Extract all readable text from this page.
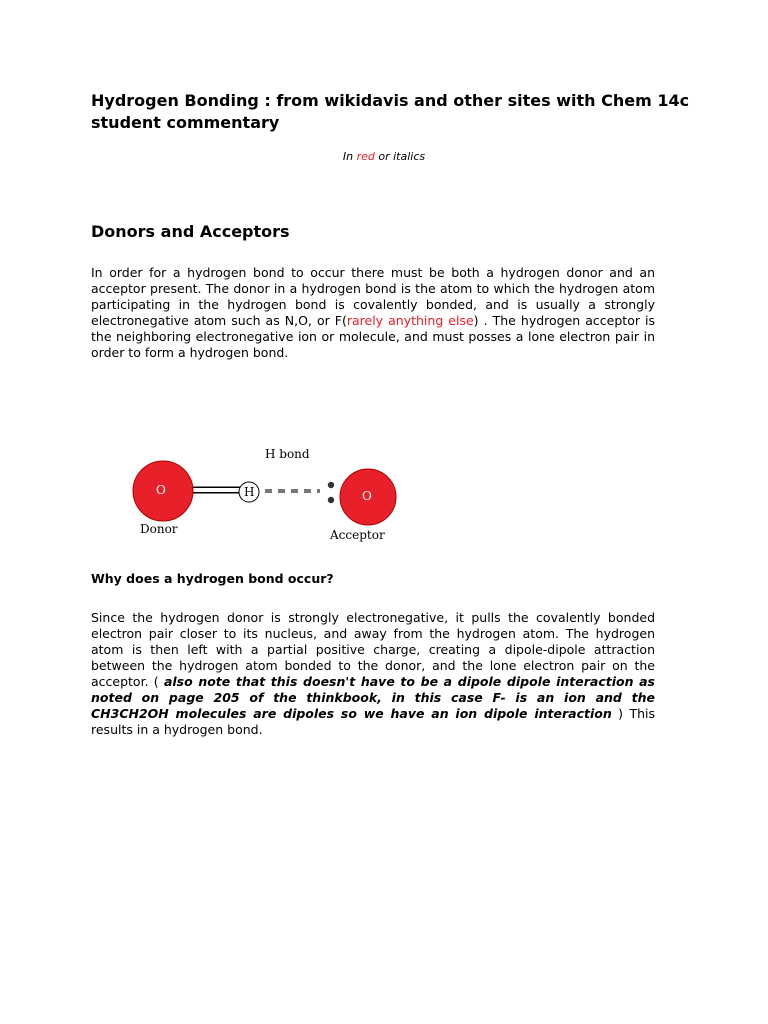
Hydrogen Bonding : from wikidavis and other sites with Chem 14c student commentary
In red or italics
Donors and Acceptors

In order for a hydrogen bond to occur there must be both a hydrogen donor and an acceptor present. The donor in a hydrogen bond is the atom to which the hydrogen atom participating in the hydrogen bond is covalently bonded, and is usually a strongly electronegative atom such as N,O, or F(rarely anything else) . The hydrogen acceptor is the neighboring electronegative ion or molecule, and must posses a lone electron pair in order to form a hydrogen bond.

O	H	O
H bond
Donor	Acceptor
Why does a hydrogen bond occur?

Since the hydrogen donor is strongly electronegative, it pulls the covalently bonded electron pair closer to its nucleus, and away from the hydrogen atom. The hydrogen atom is then left with a partial positive charge, creating a dipole-dipole attraction between the hydrogen atom bonded to the donor, and the lone electron pair on the acceptor. ( also note that this doesn't have to be a dipole dipole interaction as noted on page 205 of the thinkbook, in this case F- is an ion and the CH3CH2OH molecules are dipoles so we have an ion dipole interaction ) This results in a hydrogen bond.
